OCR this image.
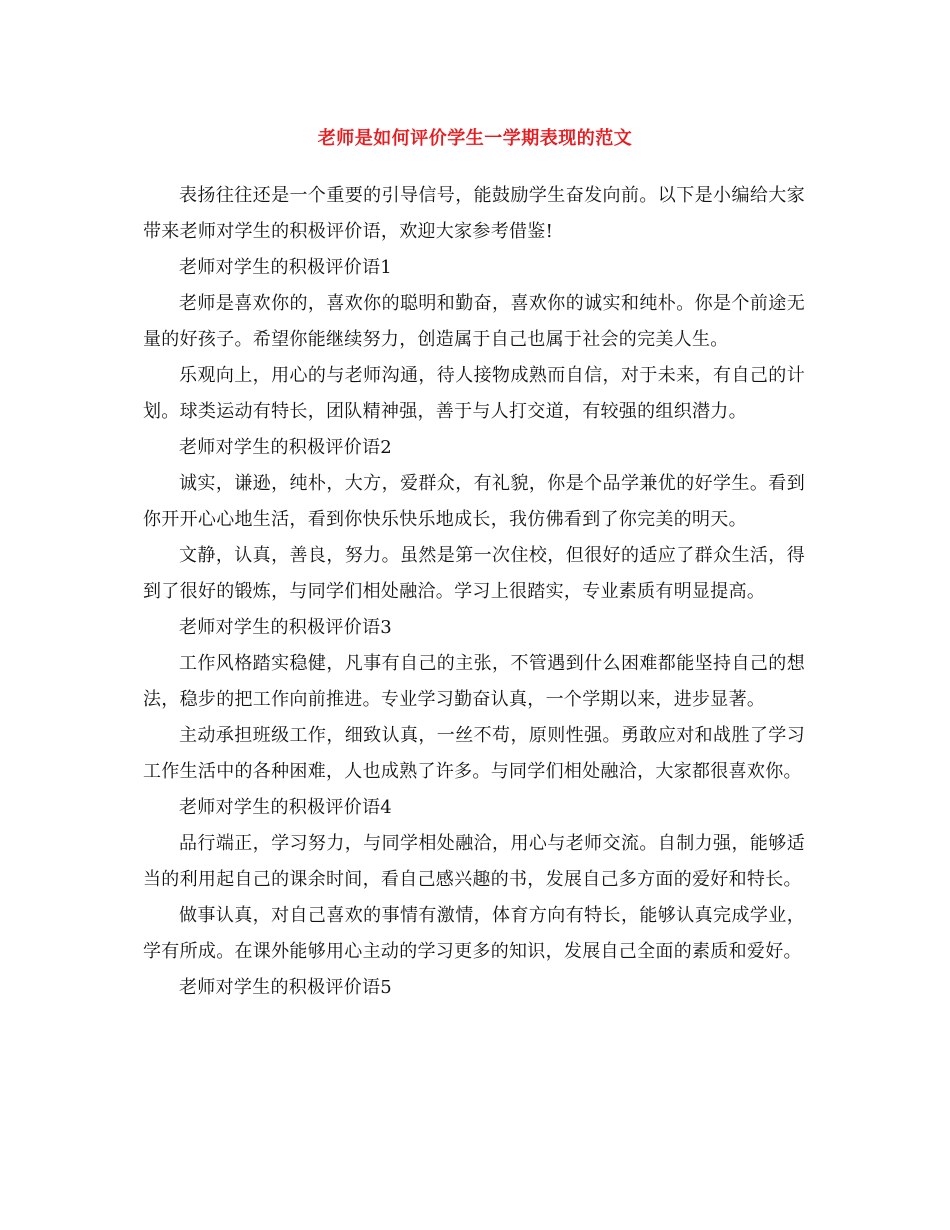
老师是如何评价学生一学期表现的范文

表扬往往还是一个重要的引导信号，能鼓励学生奋发向前。以下是小编给大家带来老师对学生的积极评价语，欢迎大家参考借鉴!

老师对学生的积极评价语1

老师是喜欢你的，喜欢你的聪明和勤奋，喜欢你的诚实和纯朴。你是个前途无量的好孩子。希望你能继续努力，创造属于自己也属于社会的完美人生。

乐观向上，用心的与老师沟通，待人接物成熟而自信，对于未来，有自己的计划。球类运动有特长，团队精神强，善于与人打交道，有较强的组织潜力。

老师对学生的积极评价语2

诚实，谦逊，纯朴，大方，爱群众，有礼貌，你是个品学兼优的好学生。看到你开开心心地生活，看到你快乐快乐地成长，我仿佛看到了你完美的明天。

文静，认真，善良，努力。虽然是第一次住校，但很好的适应了群众生活，得到了很好的锻炼，与同学们相处融洽。学习上很踏实，专业素质有明显提高。

老师对学生的积极评价语3

工作风格踏实稳健，凡事有自己的主张，不管遇到什么困难都能坚持自己的想法，稳步的把工作向前推进。专业学习勤奋认真，一个学期以来，进步显著。

主动承担班级工作，细致认真，一丝不苟，原则性强。勇敢应对和战胜了学习工作生活中的各种困难，人也成熟了许多。与同学们相处融洽，大家都很喜欢你。

老师对学生的积极评价语4

品行端正，学习努力，与同学相处融洽，用心与老师交流。自制力强，能够适当的利用起自己的课余时间，看自己感兴趣的书，发展自己多方面的爱好和特长。

做事认真，对自己喜欢的事情有激情，体育方向有特长，能够认真完成学业，学有所成。在课外能够用心主动的学习更多的知识，发展自己全面的素质和爱好。

老师对学生的积极评价语5
